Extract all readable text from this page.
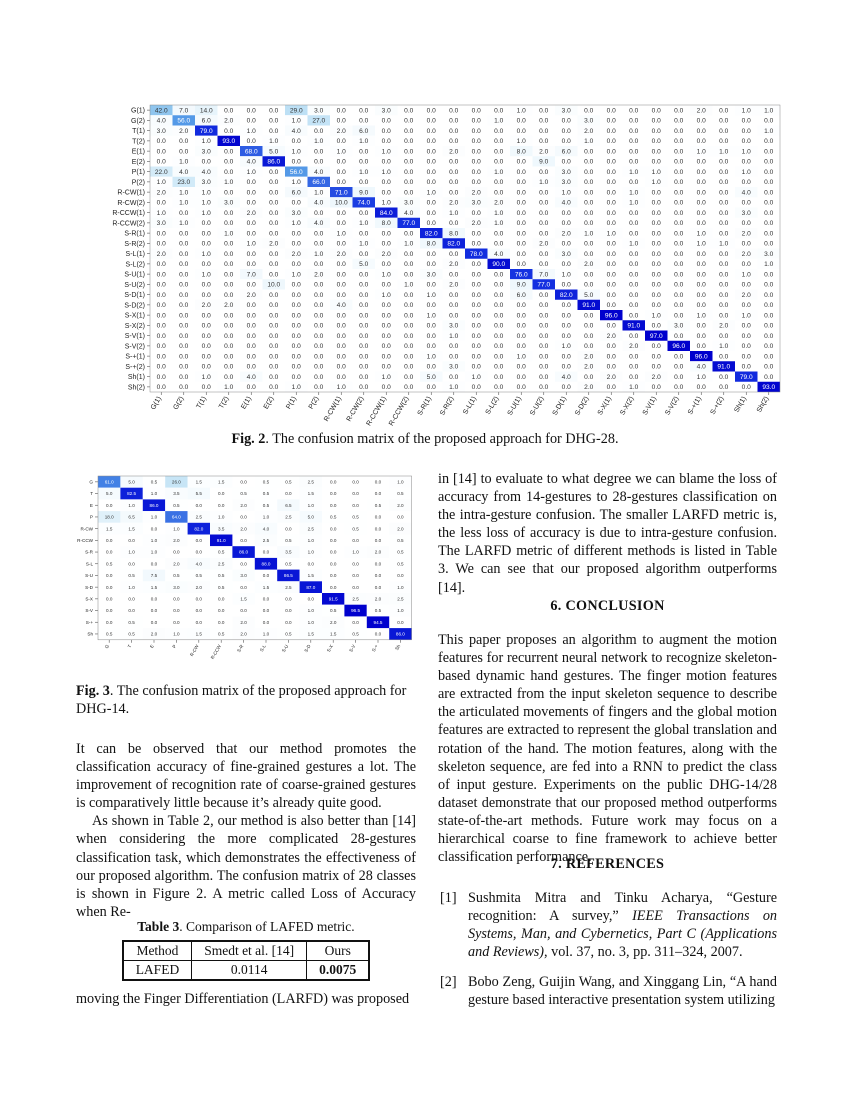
42.0 7.0 14.0 0.0 0.0 0.0 29.0 3.0 0.0 0.0 3.0 0.0 0.0 0.0 0.0 0.0 1.0 0.0 3.0 0.0 0.0 0.0 0.0 0.0 2.0 0.0 1.0 1.0
4.0 56.0 6.0 2.0 0.0 0.0 1.0 27.0 0.0 0.0 0.0 0.0 0.0 0.0 0.0 1.0 0.0 0.0 0.0 3.0 0.0 0.0 0.0 0.0 0.0 0.0 0.0 0.0
3.0 2.0 79.0 0.0 1.0 0.0 4.0 0.0 2.0 6.0 0.0 0.0 0.0 0.0 0.0 0.0 0.0 0.0 0.0 2.0 0.0 0.0 0.0 0.0 0.0 0.0 0.0 1.0
0.0 0.0 1.0 93.0 0.0 1.0 0.0 1.0 0.0 1.0 0.0 0.0 0.0 0.0 0.0 0.0 1.0 0.0 0.0 1.0 0.0 0.0 0.0 0.0 0.0 0.0 0.0 0.0
0.0 0.0 3.0 0.0 68.0 5.0 1.0 0.0 1.0 0.0 1.0 0.0 0.0 2.0 0.0 0.0 8.0 2.0 6.0 0.0 0.0 0.0 0.0 0.0 1.0 1.0 1.0 0.0
0.0 1.0 0.0 0.0 4.0 86.0 0.0 0.0 0.0 0.0 0.0 0.0 0.0 0.0 0.0 0.0 0.0 9.0 0.0 0.0 0.0 0.0 0.0 0.0 0.0 0.0 0.0 0.0
22.0 4.0 4.0 0.0 1.0 0.0 56.0 4.0 0.0 1.0 1.0 0.0 0.0 0.0 0.0 1.0 0.0 0.0 3.0 0.0 0.0 1.0 1.0 0.0 0.0 0.0 1.0 0.0
1.0 23.0 3.0 1.0 0.0 0.0 1.0 66.0 0.0 0.0 0.0 0.0 0.0 0.0 0.0 0.0 0.0 1.0 3.0 0.0 0.0 0.0 1.0 0.0 0.0 0.0 0.0 0.0
2.0 1.0 1.0 0.0 0.0 0.0 6.0 1.0 71.0 9.0 0.0 0.0 1.0 0.0 2.0 0.0 0.0 0.0 1.0 0.0 0.0 1.0 0.0 0.0 0.0 0.0 4.0 0.0
0.0 1.0 1.0 3.0 0.0 0.0 0.0 4.0 10.0 74.0 1.0 3.0 0.0 2.0 3.0 2.0 0.0 0.0 4.0 0.0 0.0 1.0 0.0 0.0 0.0 0.0 0.0 0.0
1.0 0.0 1.0 0.0 2.0 0.0 3.0 0.0 0.0 0.0 84.0 4.0 0.0 1.0 0.0 1.0 0.0 0.0 0.0 0.0 0.0 0.0 0.0 0.0 0.0 0.0 3.0 0.0
3.0 1.0 0.0 0.0 0.0 0.0 1.0 4.0 0.0 1.0 8.0 77.0 0.0 0.0 2.0 1.0 0.0 0.0 0.0 0.0 0.0 0.0 0.0 0.0 0.0 0.0 0.0 0.0
0.0 0.0 0.0 1.0 0.0 0.0 0.0 0.0 1.0 0.0 0.0 0.0 82.0 8.0 0.0 0.0 0.0 0.0 2.0 1.0 1.0 0.0 0.0 0.0 1.0 0.0 2.0 0.0
0.0 0.0 0.0 0.0 1.0 2.0 0.0 0.0 0.0 1.0 0.0 1.0 8.0 82.0 0.0 0.0 0.0 2.0 0.0 0.0 0.0 1.0 0.0 0.0 1.0 1.0 0.0 0.0
2.0 0.0 1.0 0.0 0.0 0.0 2.0 1.0 2.0 0.0 2.0 0.0 0.0 0.0 78.0 4.0 0.0 0.0 3.0 0.0 0.0 0.0 0.0 0.0 0.0 0.0 2.0 3.0
0.0 0.0 0.0 0.0 0.0 0.0 0.0 0.0 0.0 5.0 0.0 0.0 0.0 2.0 0.0 90.0 0.0 0.0 0.0 2.0 0.0 0.0 0.0 0.0 0.0 0.0 0.0 1.0
0.0 0.0 1.0 0.0 7.0 0.0 1.0 2.0 0.0 0.0 1.0 0.0 3.0 0.0 0.0 0.0 76.0 7.0 1.0 0.0 0.0 0.0 0.0 0.0 0.0 0.0 1.0 0.0
0.0 0.0 0.0 0.0 0.0 10.0 0.0 0.0 0.0 0.0 0.0 1.0 0.0 2.0 0.0 0.0 9.0 77.0 0.0 0.0 0.0 0.0 0.0 0.0 0.0 0.0 0.0 0.0
0.0 0.0 0.0 0.0 2.0 0.0 0.0 0.0 0.0 0.0 1.0 0.0 1.0 0.0 0.0 0.0 6.0 0.0 82.0 5.0 0.0 0.0 0.0 0.0 0.0 0.0 2.0 0.0
0.0 0.0 2.0 2.0 0.0 0.0 0.0 0.0 4.0 0.0 0.0 0.0 0.0 0.0 0.0 0.0 0.0 0.0 0.0 91.0 0.0 0.0 0.0 0.0 0.0 0.0 0.0 0.0
0.0 0.0 0.0 0.0 0.0 0.0 0.0 0.0 0.0 0.0 0.0 0.0 1.0 0.0 0.0 0.0 0.0 0.0 0.0 0.0 96.0 0.0 1.0 0.0 1.0 0.0 1.0 0.0
0.0 0.0 0.0 0.0 0.0 0.0 0.0 0.0 0.0 0.0 0.0 0.0 0.0 3.0 0.0 0.0 0.0 0.0 0.0 0.0 0.0 91.0 0.0 3.0 0.0 2.0 0.0 0.0
0.0 0.0 0.0 0.0 0.0 0.0 0.0 0.0 0.0 0.0 0.0 0.0 0.0 1.0 0.0 0.0 0.0 0.0 0.0 0.0 2.0 0.0 97.0 0.0 0.0 0.0 0.0 0.0
0.0 0.0 0.0 0.0 0.0 0.0 0.0 0.0 0.0 0.0 0.0 0.0 0.0 0.0 0.0 0.0 0.0 0.0 1.0 0.0 0.0 2.0 0.0 96.0 0.0 1.0 0.0 0.0
0.0 0.0 0.0 0.0 0.0 0.0 0.0 0.0 0.0 0.0 0.0 0.0 1.0 0.0 0.0 0.0 1.0 0.0 0.0 2.0 0.0 0.0 0.0 0.0 96.0 0.0 0.0 0.0
0.0 0.0 0.0 0.0 0.0 0.0 0.0 0.0 0.0 0.0 0.0 0.0 0.0 3.0 0.0 0.0 0.0 0.0 0.0 2.0 0.0 0.0 0.0 0.0 4.0 91.0 0.0 0.0
0.0 0.0 1.0 0.0 4.0 0.0 0.0 0.0 0.0 0.0 1.0 0.0 5.0 0.0 1.0 0.0 0.0 0.0 4.0 0.0 2.0 0.0 2.0 0.0 1.0 0.0 79.0 0.0
0.0 0.0 0.0 1.0 0.0 0.0 1.0 0.0 1.0 0.0 0.0 0.0 0.0 1.0 0.0 0.0 0.0 0.0 0.0 2.0 0.0 1.0 0.0 0.0 0.0 0.0 0.0 93.0
G(1)
G(1)
G(2)
G(2)
T(1)
T(1)
T(2)
T(2)
E(1)
E(1)
E(2)
E(2)
P(1)
P(1)
P(2)
P(2)
R-CW(1)
R-CW(1)
R-CW(2)
R-CW(2)
R-CCW(1)
R-CCW(1)
R-CCW(2)
R-CCW(2)
S-R(1)
S-R(1)
S-R(2)
S-R(2)
S-L(1)
S-L(1)
S-L(2)
S-L(2)
S-U(1)
S-U(1)
S-U(2)
S-U(2)
S-D(1)
S-D(1)
S-D(2)
S-D(2)
S-X(1)
S-X(1)
S-X(2)
S-X(2)
S-V(1)
S-V(1)
S-V(2)
S-V(2)
S-+(1)
S-+(1)
S-+(2)
S-+(2)
Sh(1)
Sh(1)
Sh(2)
Sh(2)
Fig. 2. The confusion matrix of the proposed approach for DHG-28.
61.0	5.0	0.5	26.0	1.5	1.5	0.0	0.5	0.5	2.5	0.0	0.0	0.0	1.0
5.0	82.5	1.0	3.5	5.5	0.0	0.5	0.5	0.0	1.5	0.0	0.0	0.0	0.5
0.0	1.0	86.0	0.5	0.0	0.0	2.0	0.5	6.5	1.0	0.0	0.0	0.5	2.0
18.0	6.5	1.0	64.0	2.5	1.0	0.0	1.0	2.5	5.0	0.5	0.5	0.0	0.0
1.5	1.5	0.0	1.0	82.0	3.5	2.0	4.0	0.0	2.5	0.0	0.5	0.0	2.0
0.0	0.0	1.0	2.0	0.0	91.0	0.0	2.5	0.5	1.0	0.0	0.0	0.0	0.5
0.0	1.0	1.0	0.0	0.0	0.5	86.0	0.0	3.5	1.0	0.0	1.0	2.0	0.5
0.5	0.0	0.0	2.0	4.0	2.5	0.0	88.0	0.5	0.0	0.0	0.0	0.0	0.5
0.0	0.5	7.5	0.5	0.5	0.5	3.0	0.0	86.5	1.5	0.0	0.0	0.0	0.0
0.0	1.0	1.5	3.0	2.0	0.5	0.0	1.5	2.5	87.0	0.0	0.0	0.0	1.0
0.0	0.0	0.0	0.0	0.0	0.0	1.5	0.0	0.0	0.0	91.5	2.5	2.0	2.5
0.0	0.0	0.0	0.0	0.0	0.0	0.0	0.0	0.0	1.0	0.5	96.5	0.5	1.0
0.0	0.5	0.0	0.0	0.0	0.0	2.0	0.0	0.0	1.0	2.0	0.0	94.5	0.0
0.5	0.5	2.0	1.0	1.5	0.5	2.0	1.0	0.5	1.5	1.5	0.5	0.0	86.0
G
G
T
T
E
E
P
P
R-CW
R-CW
R-CCW
R-CCW
S-R
S-R
S-L
S-L
S-U
S-U
S-D
S-D
S-X
S-X
S-V
S-V
S-+
S-+
Sh
Sh
Fig. 3. The confusion matrix of the proposed approach for DHG-14.

It can be observed that our method promotes the classification accuracy of fine-grained gestures a lot. The improvement of recognition rate of coarse-grained gestures is comparatively little because it’s already quite good.

As shown in Table 2, our method is also better than [14] when considering the more complicated 28-gestures classification task, which demonstrates the effectiveness of our proposed algorithm. The confusion matrix of 28 classes is shown in Figure 2. A metric called Loss of Accuracy when Re-

Table 3. Comparison of LAFED metric.
Method	Smedt et al. [14]	Ours
LAFED	0.0114	0.0075

moving the Finger Differentiation (LARFD) was proposed

in [14] to evaluate to what degree we can blame the loss of accuracy from 14-gestures to 28-gestures classification on the intra-gesture confusion. The smaller LARFD metric is, the less loss of accuracy is due to intra-gesture confusion. The LARFD metric of different methods is listed in Table 3. We can see that our proposed algorithm outperforms [14].

6. CONCLUSION

This paper proposes an algorithm to augment the motion features for recurrent neural network to recognize skeleton-based dynamic hand gestures. The finger motion features are extracted from the input skeleton sequence to describe the articulated movements of fingers and the global motion features are extracted to represent the global translation and rotation of the hand. The motion features, along with the skeleton sequence, are fed into a RNN to predict the class of input gesture. Experiments on the public DHG-14/28 dataset demonstrate that our proposed method outperforms state-of-the-art methods. Future work may focus on a hierarchical coarse to fine framework to achieve better classification performance.

7. REFERENCES
[1] Sushmita Mitra and Tinku Acharya, “Gesture recognition: A survey,” IEEE Transactions on Systems, Man, and Cybernetics, Part C (Applications and Reviews), vol. 37, no. 3, pp. 311–324, 2007.
[2] Bobo Zeng, Guijin Wang, and Xinggang Lin, “A hand gesture based interactive presentation system utilizing
